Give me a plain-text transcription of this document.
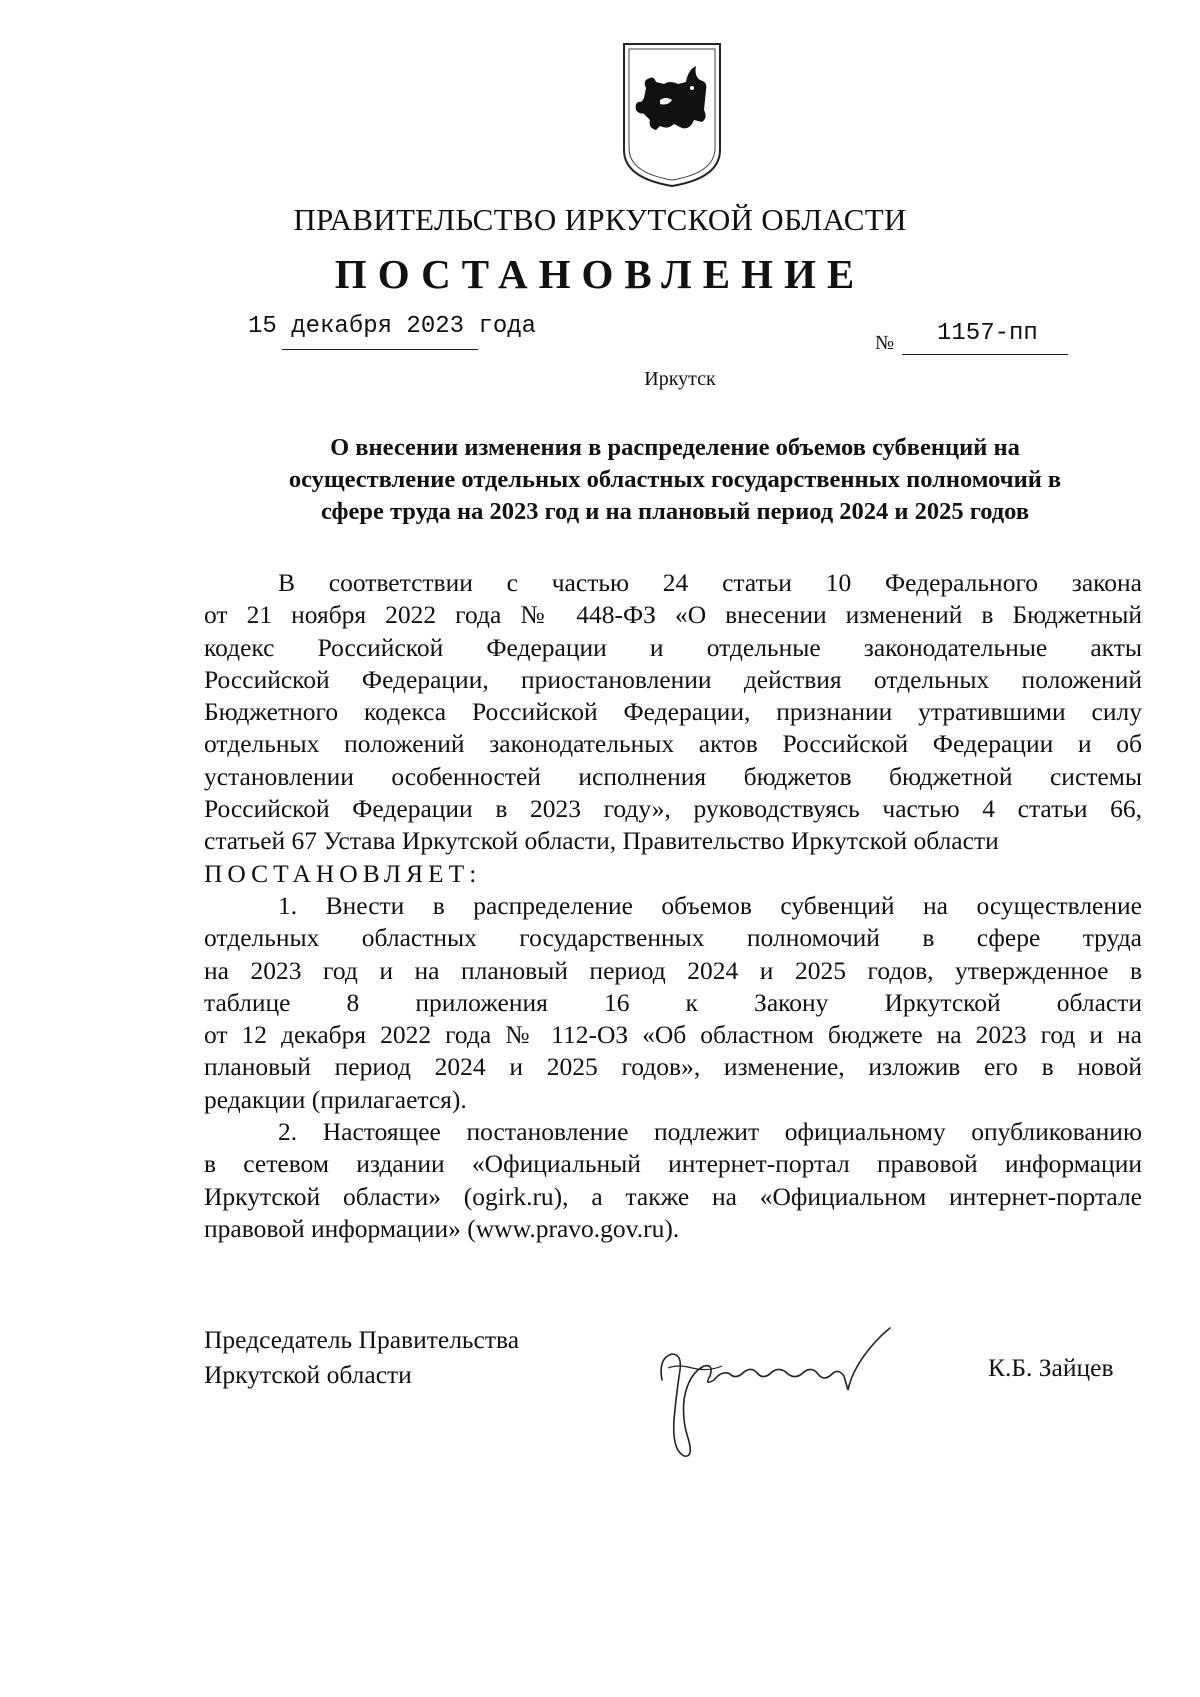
ПРАВИТЕЛЬСТВО ИРКУТСКОЙ ОБЛАСТИ
ПОСТАНОВЛЕНИЕ
15 декабря 2023 года
№ 1157-пп
Иркутск
О внесении изменения в распределение объемов субвенций на
осуществление отдельных областных государственных полномочий в
сфере труда на 2023 год и на плановый период 2024 и 2025 годов
В соответствии с частью 24 статьи 10 Федерального закона
от 21 ноября 2022 года № 448-ФЗ «О внесении изменений в Бюджетный
кодекс Российской Федерации и отдельные законодательные акты
Российской Федерации, приостановлении действия отдельных положений
Бюджетного кодекса Российской Федерации, признании утратившими силу
отдельных положений законодательных актов Российской Федерации и об
установлении особенностей исполнения бюджетов бюджетной системы
Российской Федерации в 2023 году», руководствуясь частью 4 статьи 66,
статьей 67 Устава Иркутской области, Правительство Иркутской области
ПОСТАНОВЛЯЕТ:
1. Внести в распределение объемов субвенций на осуществление
отдельных областных государственных полномочий в сфере труда
на 2023 год и на плановый период 2024 и 2025 годов, утвержденное в
таблице 8 приложения 16 к Закону Иркутской области
от 12 декабря 2022 года № 112-ОЗ «Об областном бюджете на 2023 год и на
плановый период 2024 и 2025 годов», изменение, изложив его в новой
редакции (прилагается).
2. Настоящее постановление подлежит официальному опубликованию
в сетевом издании «Официальный интернет-портал правовой информации
Иркутской области» (ogirk.ru), а также на «Официальном интернет-портале
правовой информации» (www.pravo.gov.ru).
Председатель Правительства
Иркутской области	К.Б. Зайцев
